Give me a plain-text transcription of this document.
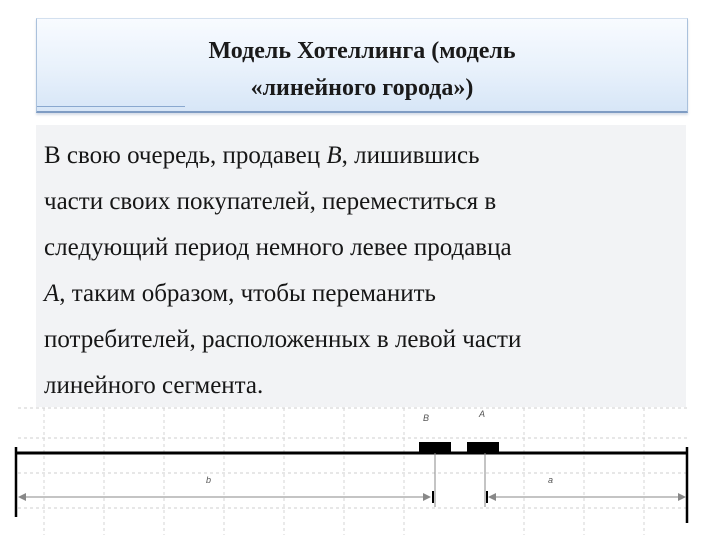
Модель Хотеллинга (модель
«линейного города»)

В свою очередь, продавец B, лишившись

части своих покупателей, переместиться в

следующий период немного левее продавца

A, таким образом, чтобы переманить

потребителей, расположенных в левой части

линейного сегмента.

B	A
b	a
